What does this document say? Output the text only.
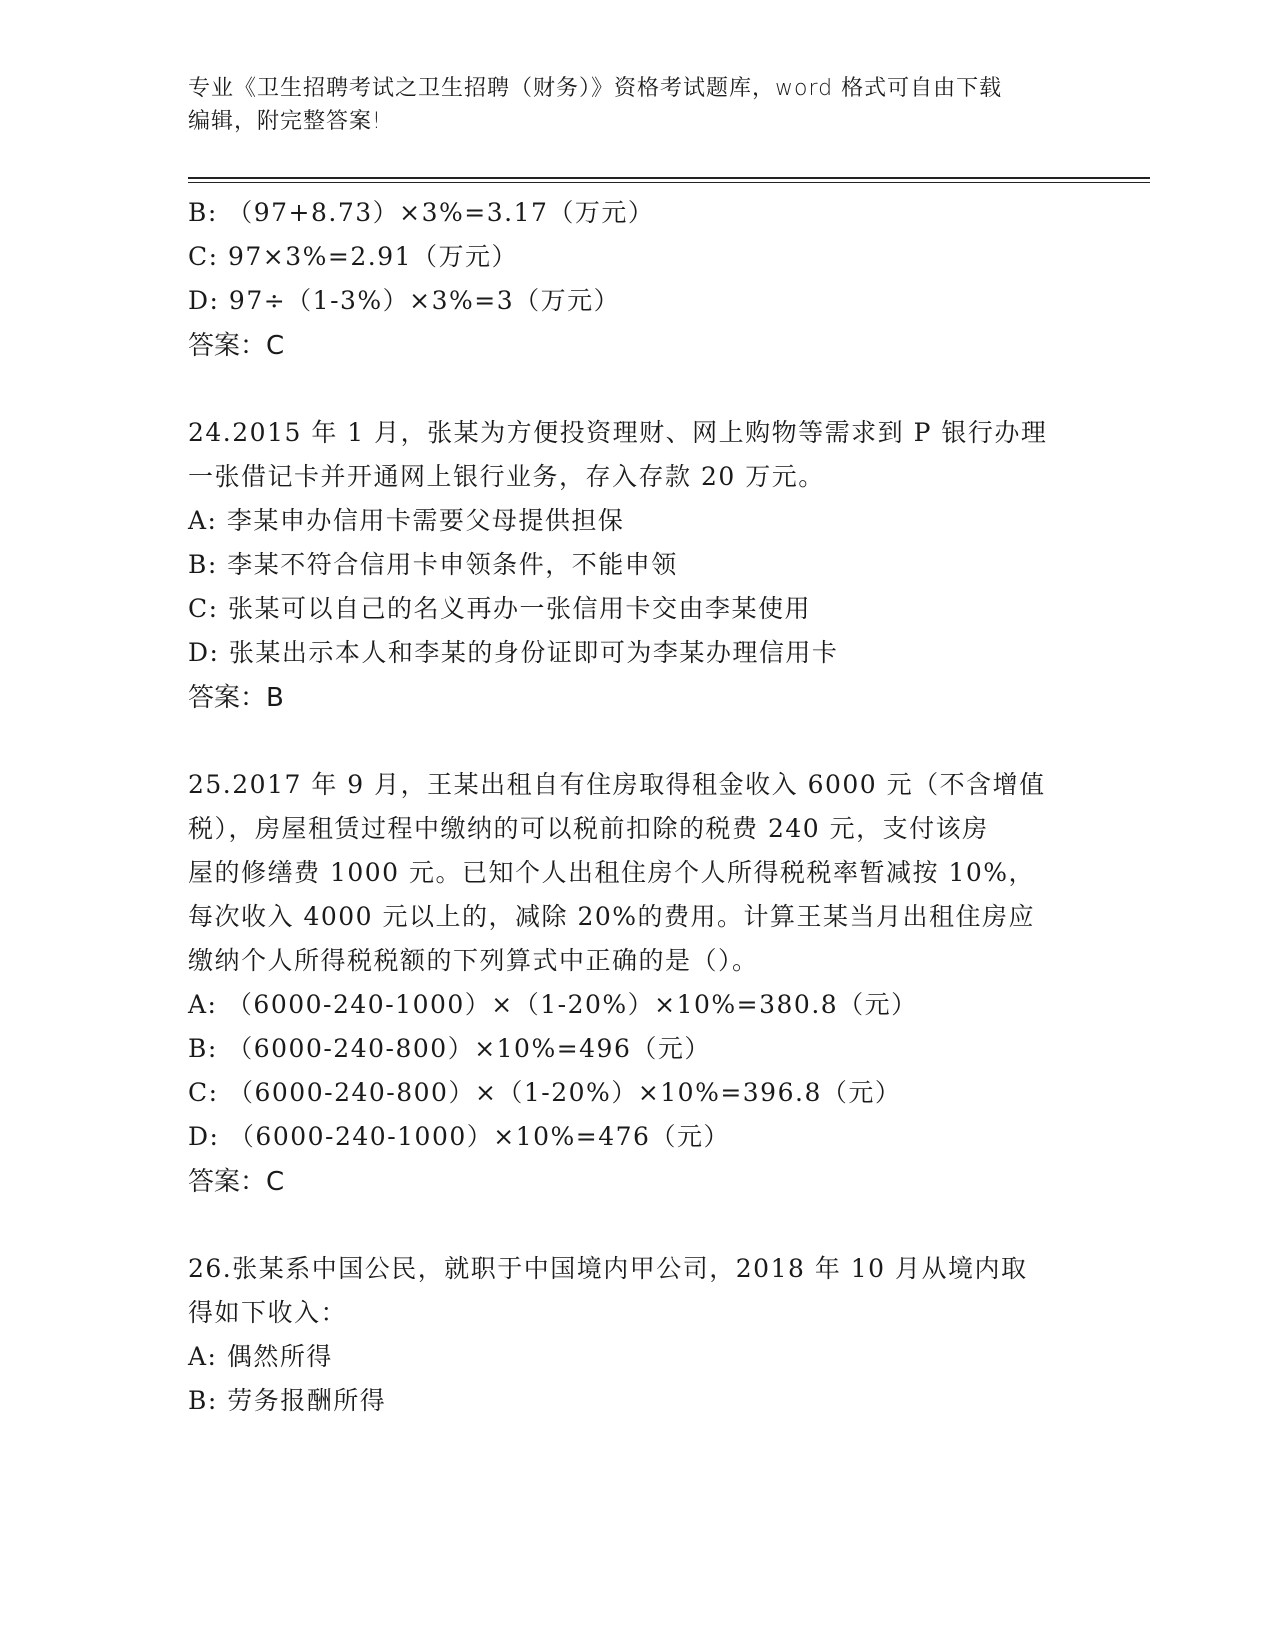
专业《卫生招聘考试之卫生招聘（财务）》资格考试题库，word 格式可自由下载
编辑，附完整答案!
B: （97+8.73）×3%=3.17（万元）
C: 97×3%=2.91（万元）
D: 97÷（1-3%）×3%=3（万元）
答案：C
24.2015 年 1 月，张某为方便投资理财、网上购物等需求到 P 银行办理
一张借记卡并开通网上银行业务，存入存款 20 万元。
A: 李某申办信用卡需要父母提供担保
B: 李某不符合信用卡申领条件，不能申领
C: 张某可以自己的名义再办一张信用卡交由李某使用
D: 张某出示本人和李某的身份证即可为李某办理信用卡
答案：B
25.2017 年 9 月，王某出租自有住房取得租金收入 6000 元（不含增值
税），房屋租赁过程中缴纳的可以税前扣除的税费 240 元，支付该房
屋的修缮费 1000 元。已知个人出租住房个人所得税税率暂减按 10%，
每次收入 4000 元以上的，减除 20%的费用。计算王某当月出租住房应
缴纳个人所得税税额的下列算式中正确的是（）。
A: （6000-240-1000）×（1-20%）×10%=380.8（元）
B: （6000-240-800）×10%=496（元）
C: （6000-240-800）×（1-20%）×10%=396.8（元）
D: （6000-240-1000）×10%=476（元）
答案：C
26.张某系中国公民，就职于中国境内甲公司，2018 年 10 月从境内取
得如下收入：
A: 偶然所得
B: 劳务报酬所得
